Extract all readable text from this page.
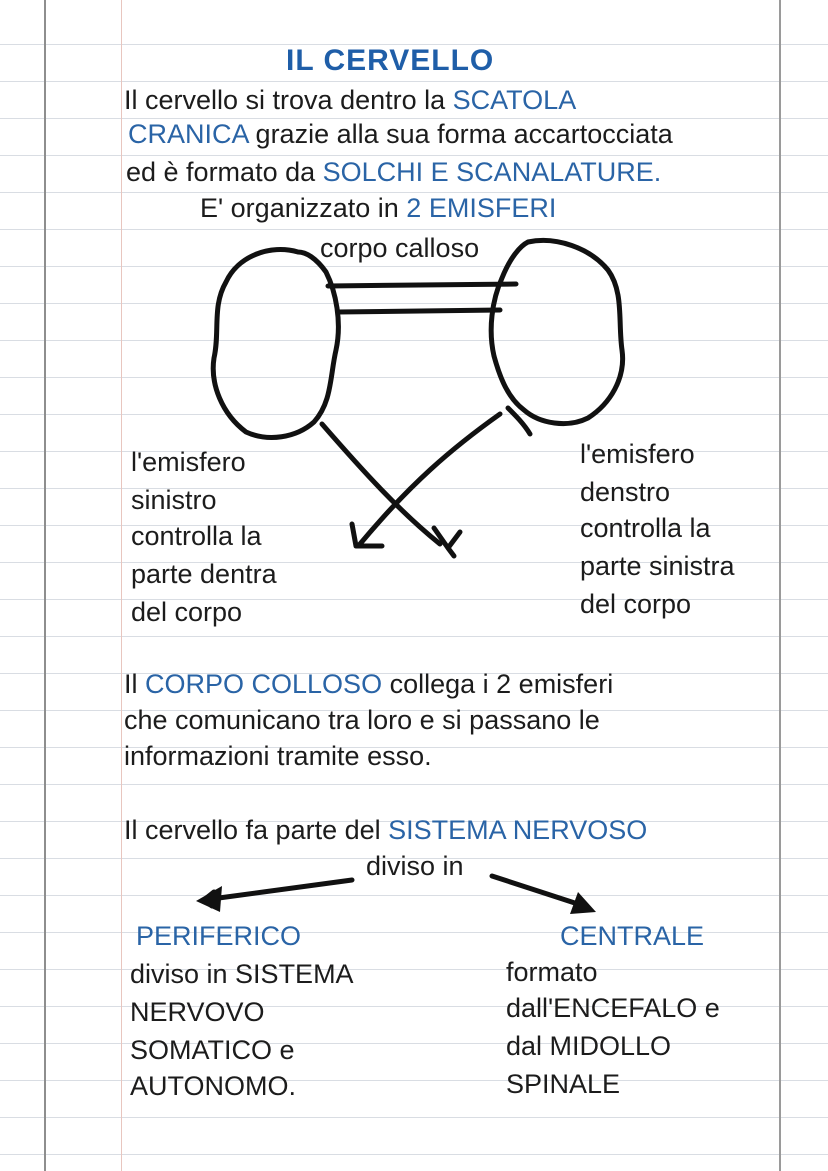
IL CERVELLO
Il cervello si trova dentro la SCATOLA
CRANICA grazie alla sua forma accartocciata
ed è formato da SOLCHI E SCANALATURE.
E' organizzato in 2 EMISFERI
corpo calloso
l'emisfero
sinistro
controlla la
parte dentra
del corpo
l'emisfero
denstro
controlla la
parte sinistra
del corpo
Il CORPO COLLOSO collega i 2 emisferi
che comunicano tra loro e si passano le
informazioni tramite esso.
Il cervello fa parte del SISTEMA NERVOSO
diviso in
PERIFERICO
diviso in SISTEMA
NERVOVO
SOMATICO e
AUTONOMO.
CENTRALE
formato
dall'ENCEFALO e
dal MIDOLLO
SPINALE
